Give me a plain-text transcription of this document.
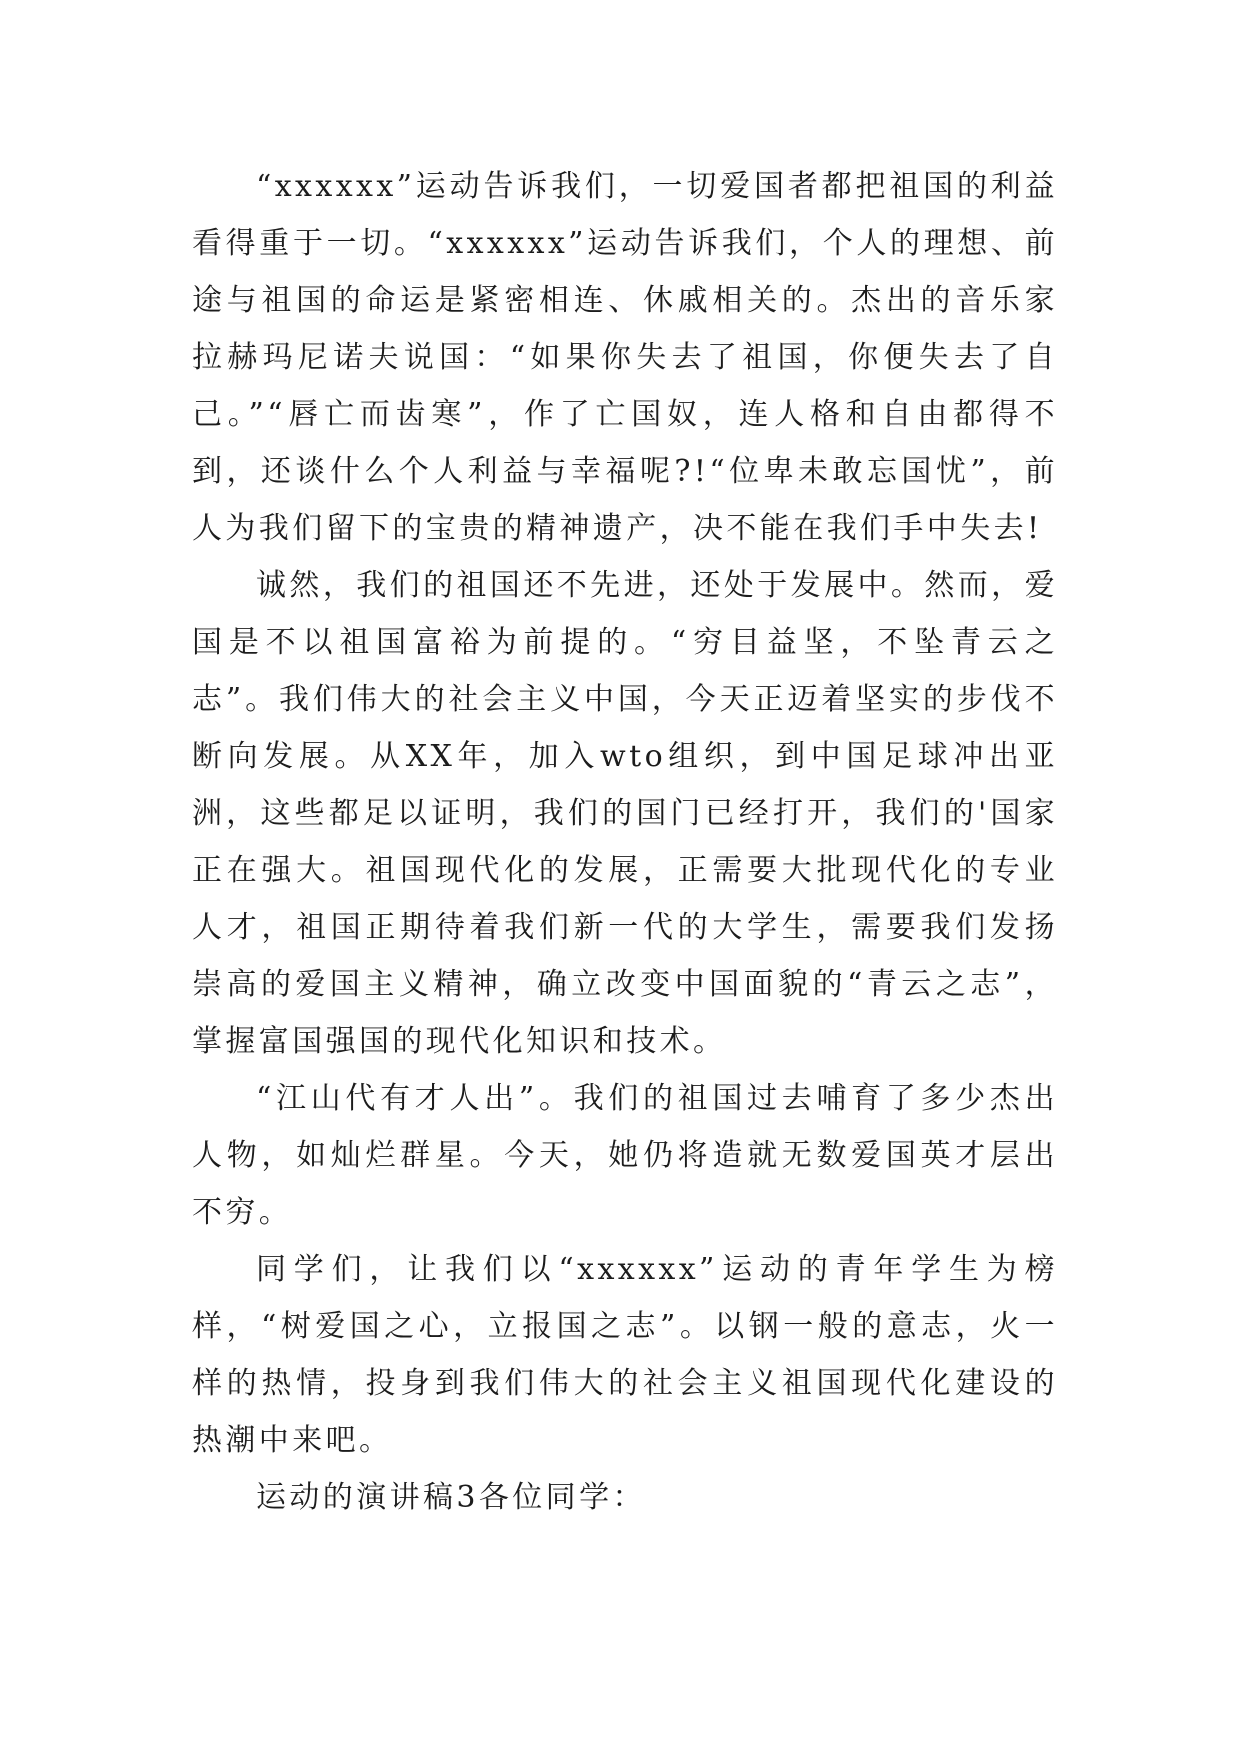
“xxxxxx”运动告诉我们，一切爱国者都把祖国的利益看得重于一切。“xxxxxx”运动告诉我们，个人的理想、前途与祖国的命运是紧密相连、休戚相关的。杰出的音乐家拉赫玛尼诺夫说国：“如果你失去了祖国，你便失去了自己。”“唇亡而齿寒”，作了亡国奴，连人格和自由都得不到，还谈什么个人利益与幸福呢?!“位卑未敢忘国忧”，前人为我们留下的宝贵的精神遗产，决不能在我们手中失去!

诚然，我们的祖国还不先进，还处于发展中。然而，爱国是不以祖国富裕为前提的。“穷目益坚，不坠青云之志”。我们伟大的社会主义中国，今天正迈着坚实的步伐不断向发展。从XX年，加入wto组织，到中国足球冲出亚洲，这些都足以证明，我们的国门已经打开，我们的'国家正在强大。祖国现代化的发展，正需要大批现代化的专业人才，祖国正期待着我们新一代的大学生，需要我们发扬崇高的爱国主义精神，确立改变中国面貌的“青云之志”，掌握富国强国的现代化知识和技术。

“江山代有才人出”。我们的祖国过去哺育了多少杰出人物，如灿烂群星。今天，她仍将造就无数爱国英才层出不穷。

同学们，让我们以“xxxxxx”运动的青年学生为榜样，“树爱国之心，立报国之志”。以钢一般的意志，火一样的热情，投身到我们伟大的社会主义祖国现代化建设的热潮中来吧。

运动的演讲稿3各位同学：
